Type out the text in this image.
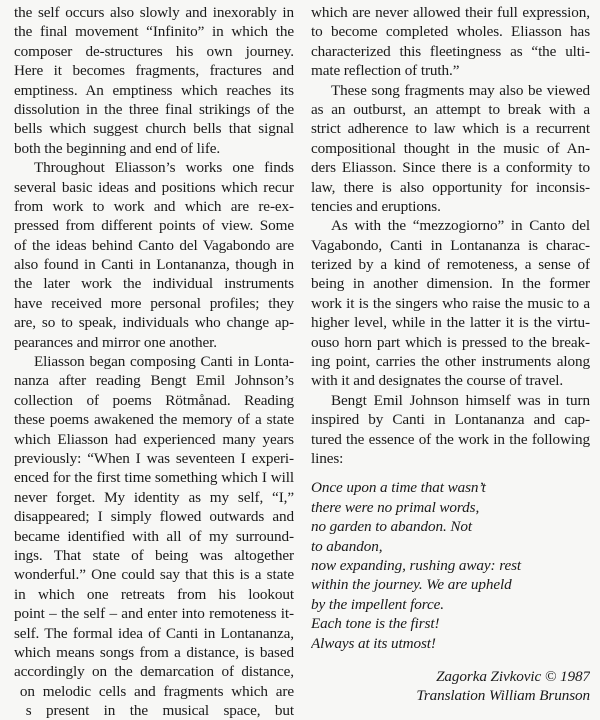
the self occurs also slowly and inexorably in
the final movement “Infinito” in which the
composer de-structures his own journey.
Here it becomes fragments, fractures and
emptiness. An emptiness which reaches its
dissolution in the three final strikings of the
bells which suggest church bells that signal
both the beginning and end of life.
Throughout Eliasson’s works one finds
several basic ideas and positions which recur
from work to work and which are re-ex-
pressed from different points of view. Some
of the ideas behind Canto del Vagabondo are
also found in Canti in Lontananza, though in
the later work the individual instruments
have received more personal profiles; they
are, so to speak, individuals who change ap-
pearances and mirror one another.
Eliasson began composing Canti in Lonta-
nanza after reading Bengt Emil Johnson’s
collection of poems Rötmånad. Reading
these poems awakened the memory of a state
which Eliasson had experienced many years
previously: “When I was seventeen I experi-
enced for the first time something which I will
never forget. My identity as my self, “I,”
disappeared; I simply flowed outwards and
became identified with all of my surround-
ings. That state of being was altogether
wonderful.” One could say that this is a state
in which one retreats from his lookout
point – the self – and enter into remoteness it-
self. The formal idea of Canti in Lontananza,
which means songs from a distance, is based
accordingly on the demarcation of distance,
  on melodic cells and fragments which are
    s present in the musical space, but
which are never allowed their full expression,
to become completed wholes. Eliasson has
characterized this fleetingness as “the ulti-
mate reflection of truth.”
These song fragments may also be viewed
as an outburst, an attempt to break with a
strict adherence to law which is a recurrent
compositional thought in the music of An-
ders Eliasson. Since there is a conformity to
law, there is also opportunity for inconsis-
tencies and eruptions.
As with the “mezzogiorno” in Canto del
Vagabondo, Canti in Lontananza is charac-
terized by a kind of remoteness, a sense of
being in another dimension. In the former
work it is the singers who raise the music to a
higher level, while in the latter it is the virtu-
ouso horn part which is pressed to the break-
ing point, carries the other instruments along
with it and designates the course of travel.
Bengt Emil Johnson himself was in turn
inspired by Canti in Lontananza and cap-
tured the essence of the work in the following
lines:
Once upon a time that wasn’t
there were no primal words,
no garden to abandon. Not
to abandon,
now expanding, rushing away: rest
within the journey. We are upheld
by the impellent force.
Each tone is the first!
Always at its utmost!
Zagorka Zivkovic © 1987
Translation William Brunson
